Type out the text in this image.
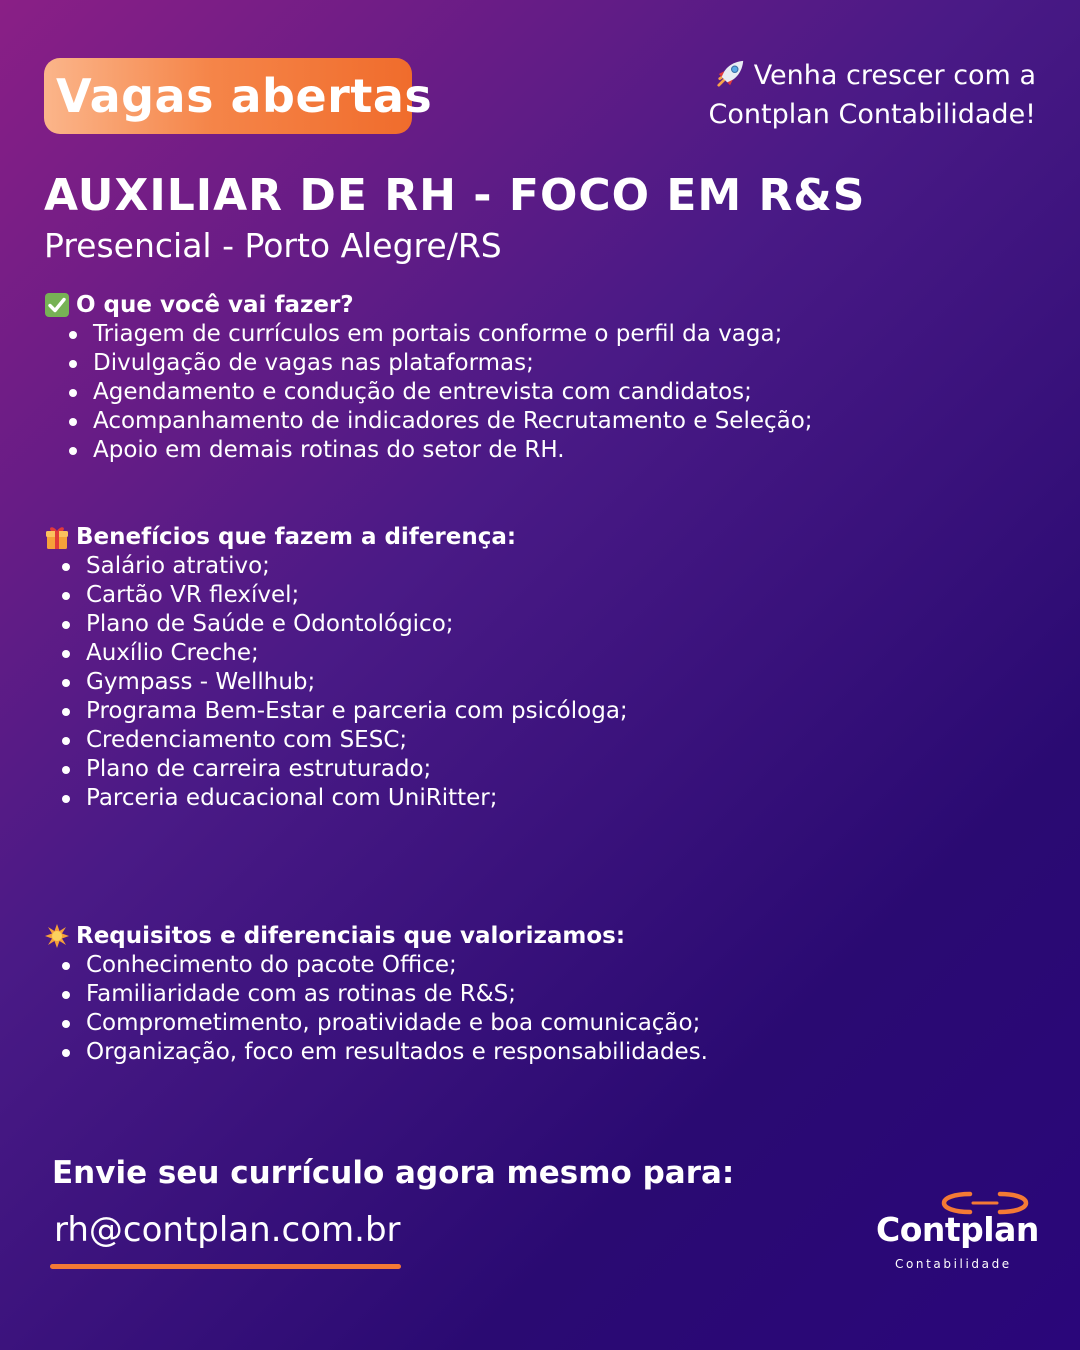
Vagas abertas	Venha crescer com a
Contplan Contabilidade!
AUXILIAR DE RH - FOCO EM R&S
Presencial - Porto Alegre/RS
O que você vai fazer?
Triagem de currículos em portais conforme o perfil da vaga;
Divulgação de vagas nas plataformas;
Agendamento e condução de entrevista com candidatos;
Acompanhamento de indicadores de Recrutamento e Seleção;
Apoio em demais rotinas do setor de RH.
Benefícios que fazem a diferença:
Salário atrativo;
Cartão VR flexível;
Plano de Saúde e Odontológico;
Auxílio Creche;
Gympass - Wellhub;
Programa Bem-Estar e parceria com psicóloga;
Credenciamento com SESC;
Plano de carreira estruturado;
Parceria educacional com UniRitter;
Requisitos e diferenciais que valorizamos:
Conhecimento do pacote Office;
Familiaridade com as rotinas de R&S;
Comprometimento, proatividade e boa comunicação;
Organização, foco em resultados e responsabilidades.
Envie seu currículo agora mesmo para:
rh@contplan.com.br	Contplan
Contabilidade
